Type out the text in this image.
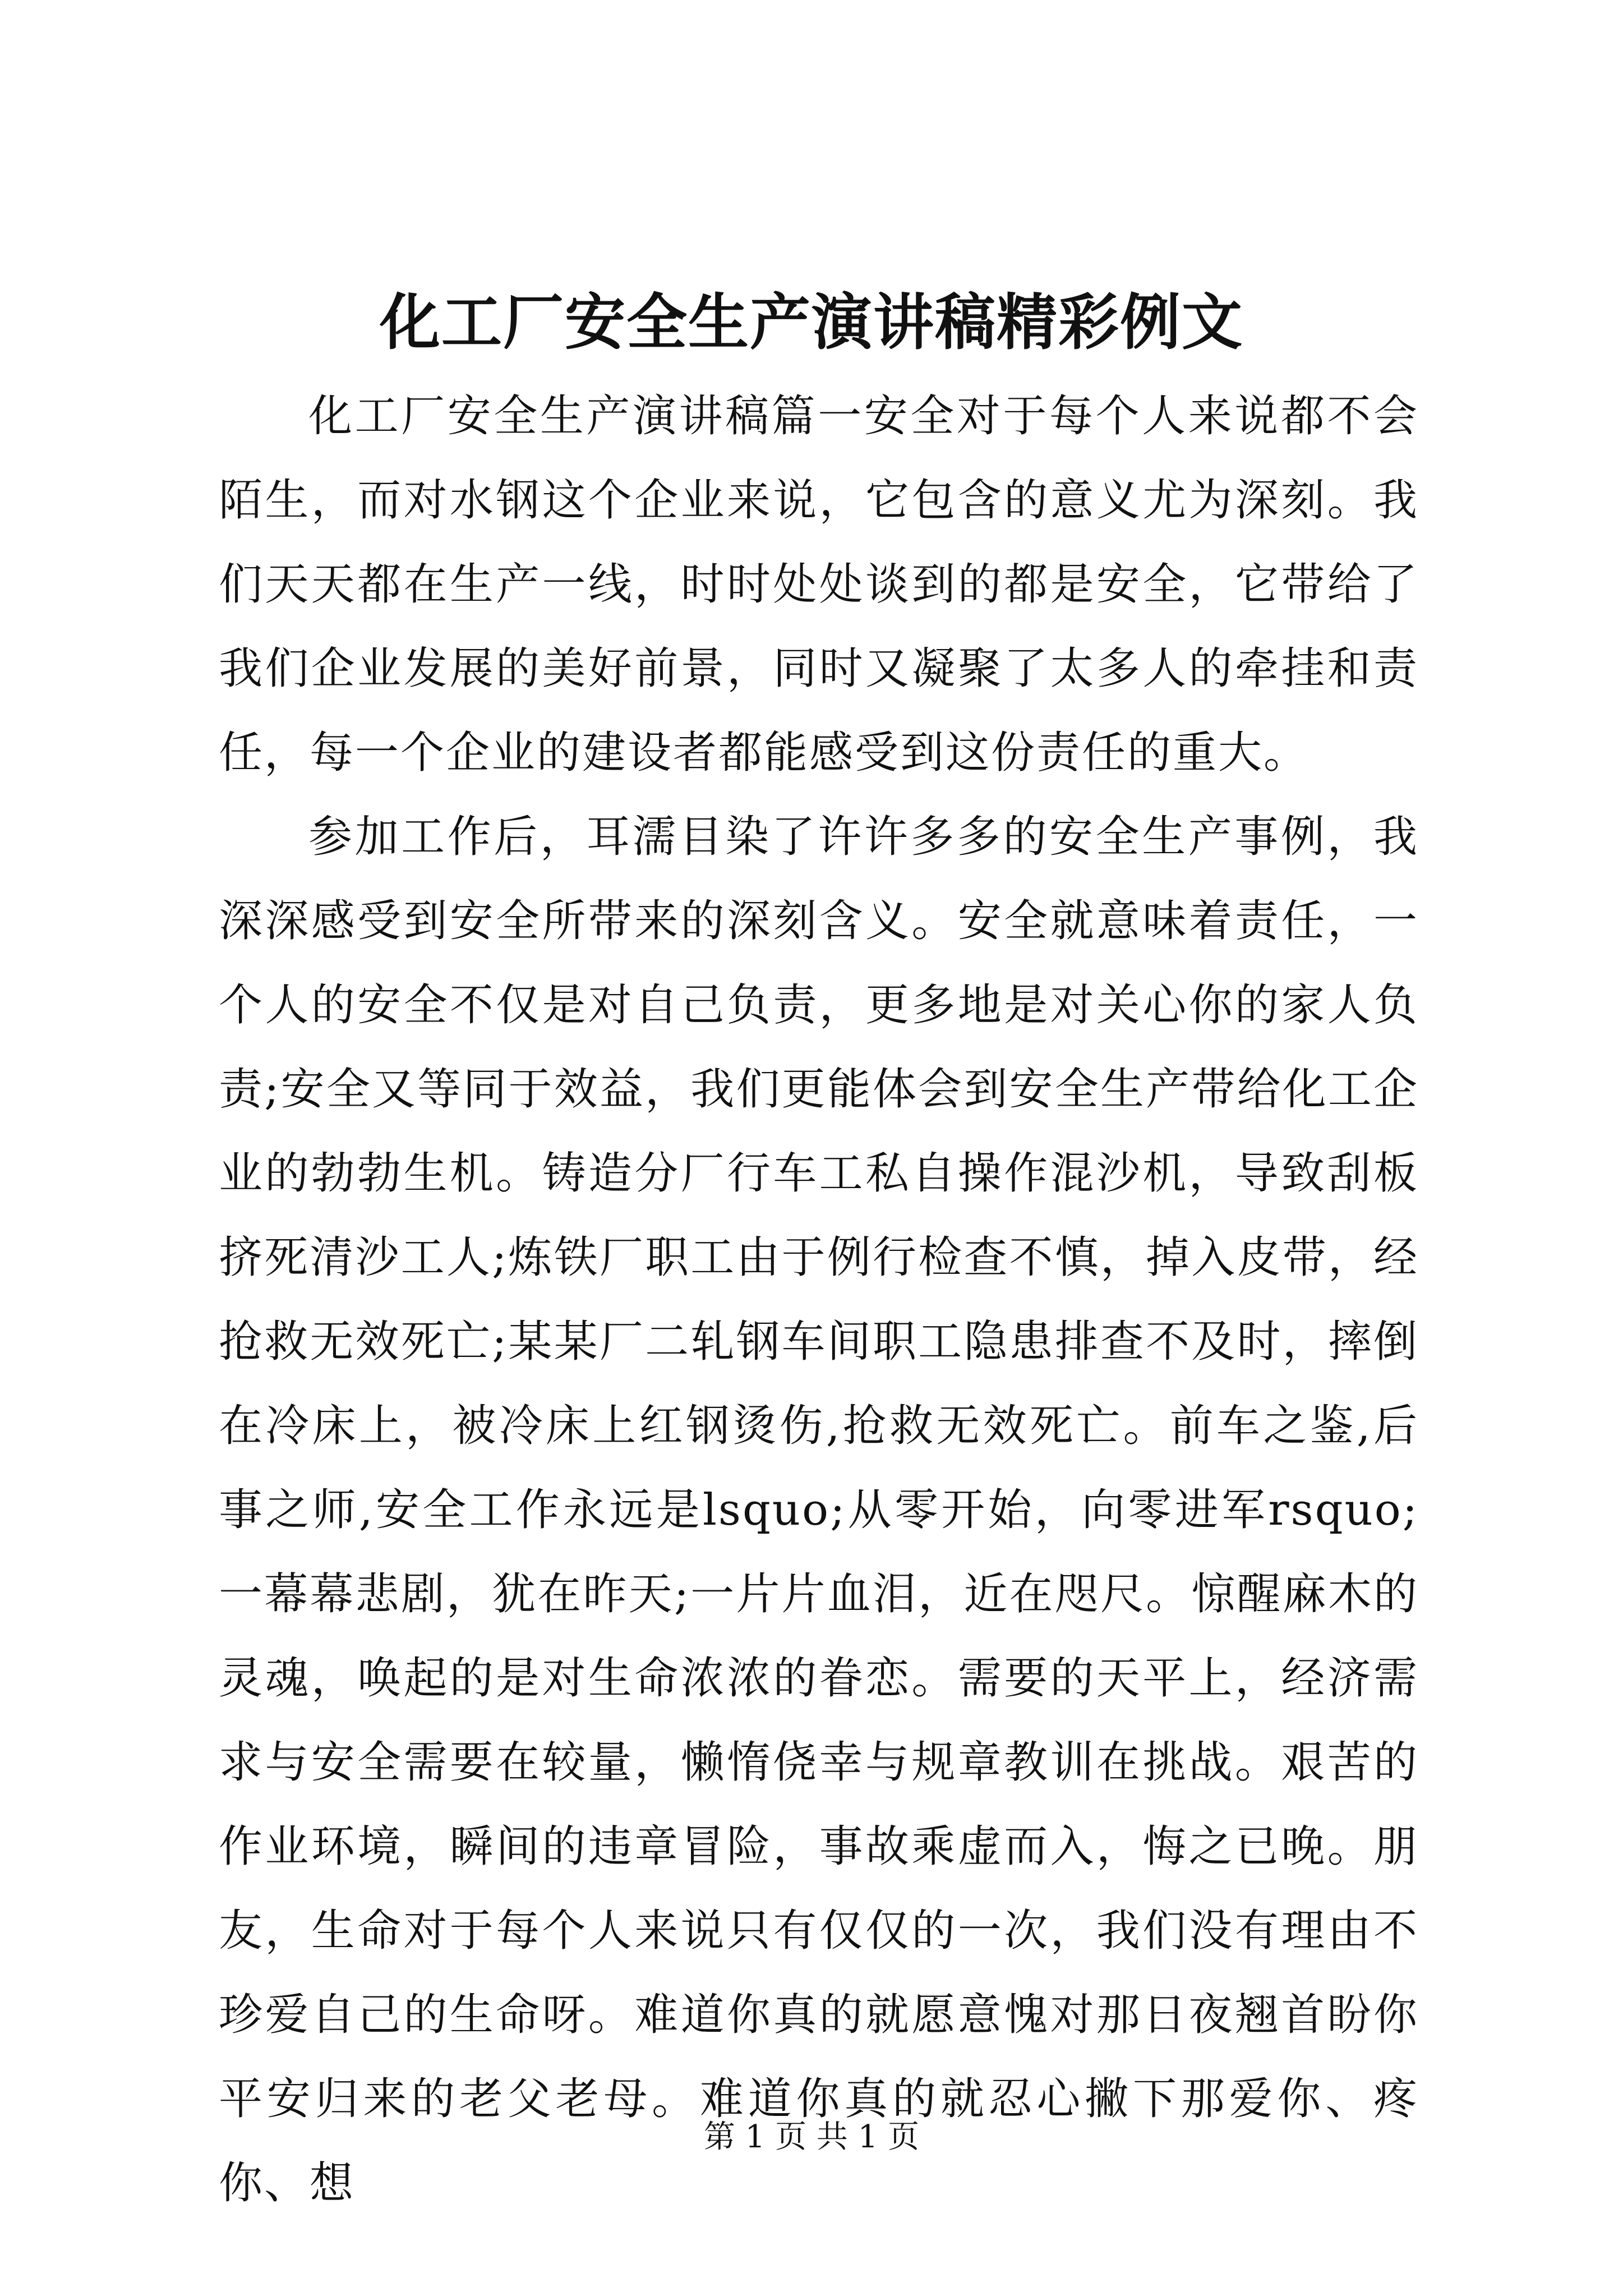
化工厂安全生产演讲稿精彩例文

化工厂安全生产演讲稿篇一安全对于每个人来说都不会陌生，而对水钢这个企业来说，它包含的意义尤为深刻。我们天天都在生产一线，时时处处谈到的都是安全，它带给了我们企业发展的美好前景，同时又凝聚了太多人的牵挂和责任，每一个企业的建设者都能感受到这份责任的重大。

参加工作后，耳濡目染了许许多多的安全生产事例，我深深感受到安全所带来的深刻含义。安全就意味着责任，一个人的安全不仅是对自己负责，更多地是对关心你的家人负责;安全又等同于效益，我们更能体会到安全生产带给化工企业的勃勃生机。铸造分厂行车工私自操作混沙机，导致刮板挤死清沙工人;炼铁厂职工由于例行检查不慎，掉入皮带，经抢救无效死亡;某某厂二轧钢车间职工隐患排查不及时，摔倒在冷床上，被冷床上红钢烫伤,抢救无效死亡。前车之鉴,后事之师,安全工作永远是lsquo;从零开始，向零进军rsquo;一幕幕悲剧，犹在昨天;一片片血泪，近在咫尺。惊醒麻木的灵魂，唤起的是对生命浓浓的眷恋。需要的天平上，经济需求与安全需要在较量，懒惰侥幸与规章教训在挑战。艰苦的作业环境，瞬间的违章冒险，事故乘虚而入，悔之已晚。朋友，生命对于每个人来说只有仅仅的一次，我们没有理由不珍爱自己的生命呀。难道你真的就愿意愧对那日夜翘首盼你平安归来的老父老母。难道你真的就忍心撇下那爱你、疼你、想

第 1 页 共 1 页
